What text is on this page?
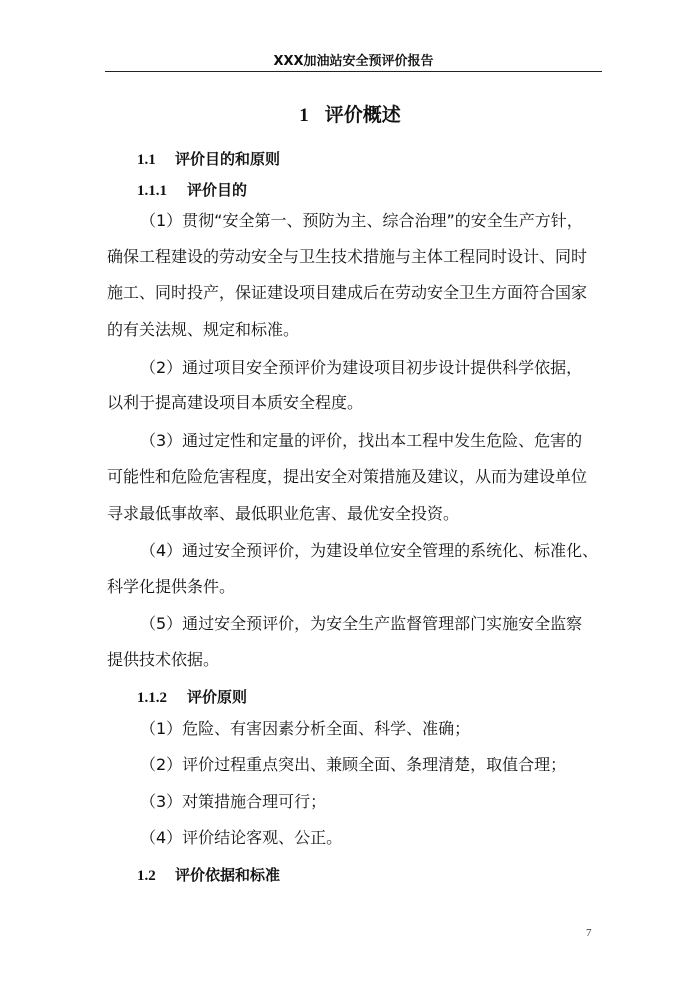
XXX加油站安全预评价报告
1 评价概述
1.1 评价目的和原则
1.1.1 评价目的
（1）贯彻“安全第一、预防为主、综合治理”的安全生产方针，
确保工程建设的劳动安全与卫生技术措施与主体工程同时设计、同时
施工、同时投产，保证建设项目建成后在劳动安全卫生方面符合国家
的有关法规、规定和标准。
（2）通过项目安全预评价为建设项目初步设计提供科学依据，
以利于提高建设项目本质安全程度。
（3）通过定性和定量的评价，找出本工程中发生危险、危害的
可能性和危险危害程度，提出安全对策措施及建议，从而为建设单位
寻求最低事故率、最低职业危害、最优安全投资。
（4）通过安全预评价，为建设单位安全管理的系统化、标准化、
科学化提供条件。
（5）通过安全预评价，为安全生产监督管理部门实施安全监察
提供技术依据。
1.1.2 评价原则
（1）危险、有害因素分析全面、科学、准确；
（2）评价过程重点突出、兼顾全面、条理清楚，取值合理；
（3）对策措施合理可行；
（4）评价结论客观、公正。
1.2 评价依据和标准
7
